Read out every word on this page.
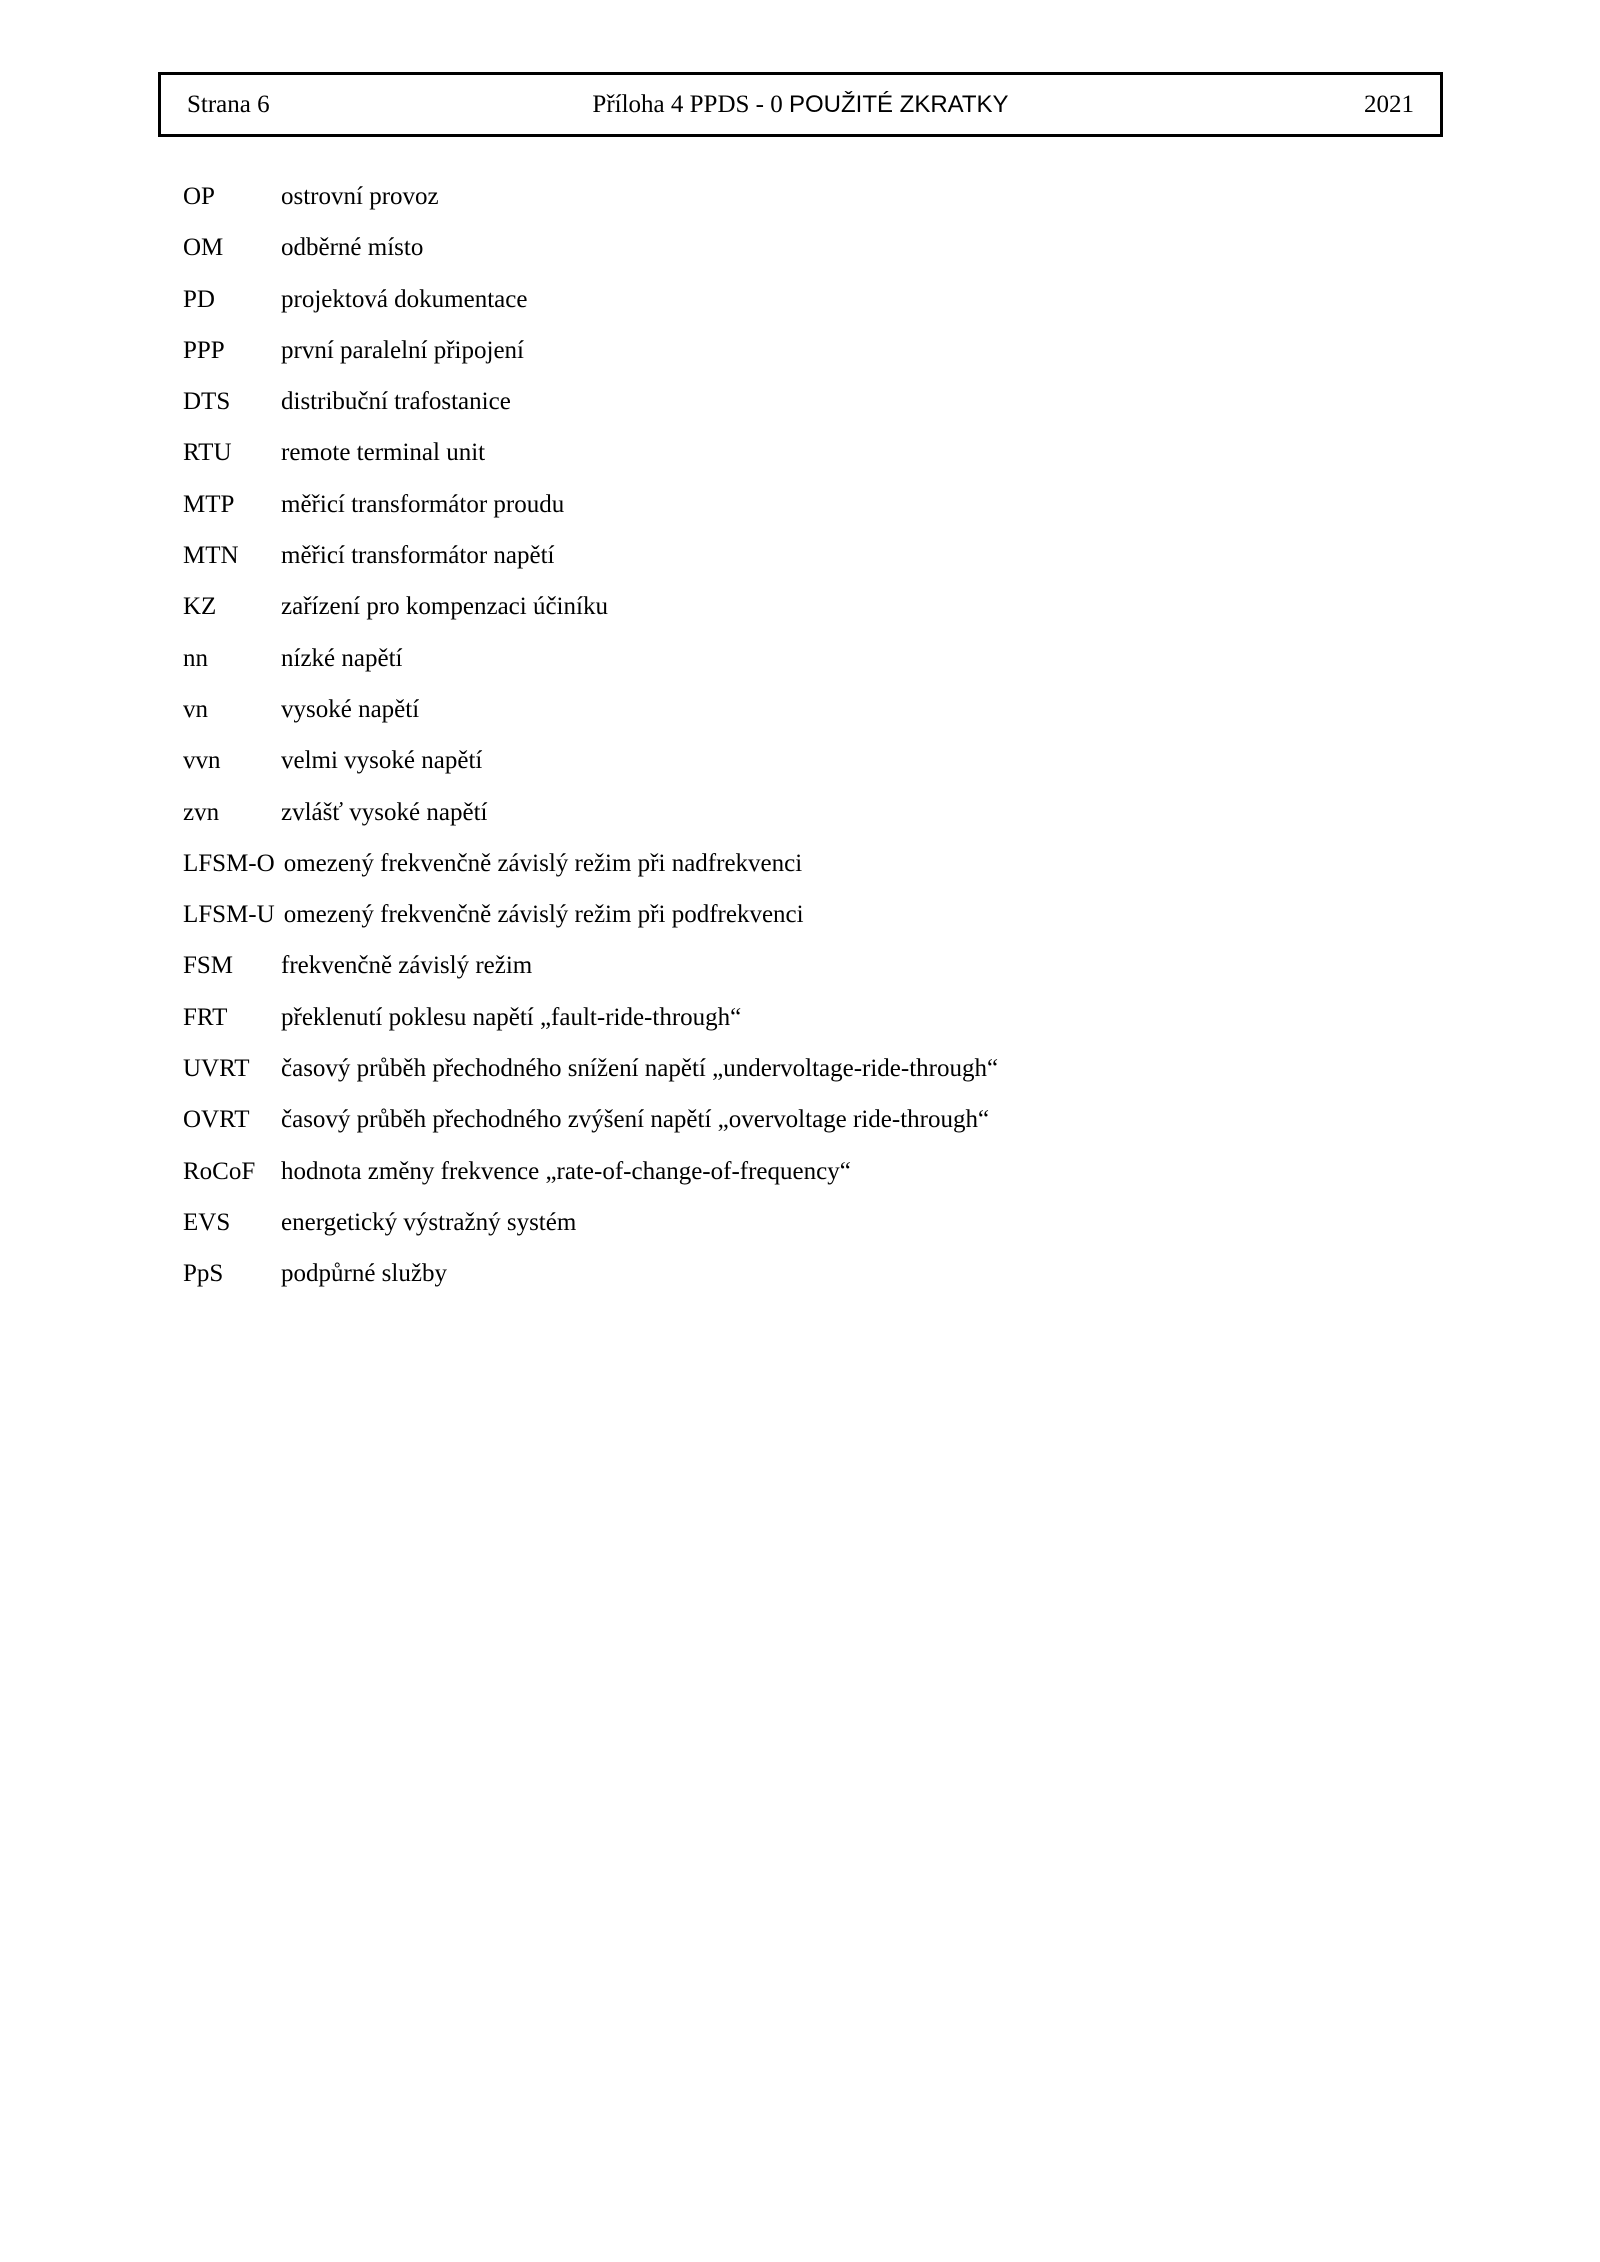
Strana 6	Příloha 4 PPDS - 0 POUŽITÉ ZKRATKY	2021
OP	ostrovní provoz
OM odběrné místo
PD	projektová dokumentace
PPP první paralelní připojení
DTS distribuční trafostanice
RTU remote terminal unit
MTP měřicí transformátor proudu
MTN měřicí transformátor napětí
KZ	zařízení pro kompenzaci účiníku
nn	nízké napětí
vn	vysoké napětí
vvn velmi vysoké napětí
zvn zvlášť vysoké napětí
LFSM-O omezený frekvenčně závislý režim při nadfrekvenci
LFSM-U omezený frekvenčně závislý režim při podfrekvenci
FSM frekvenčně závislý režim
FRT překlenutí poklesu napětí „fault-ride-through“
UVRT časový průběh přechodného snížení napětí „undervoltage-ride-through“
OVRT časový průběh přechodného zvýšení napětí „overvoltage ride-through“
RoCoF hodnota změny frekvence „rate-of-change-of-frequency“
EVS energetický výstražný systém
PpS podpůrné služby
